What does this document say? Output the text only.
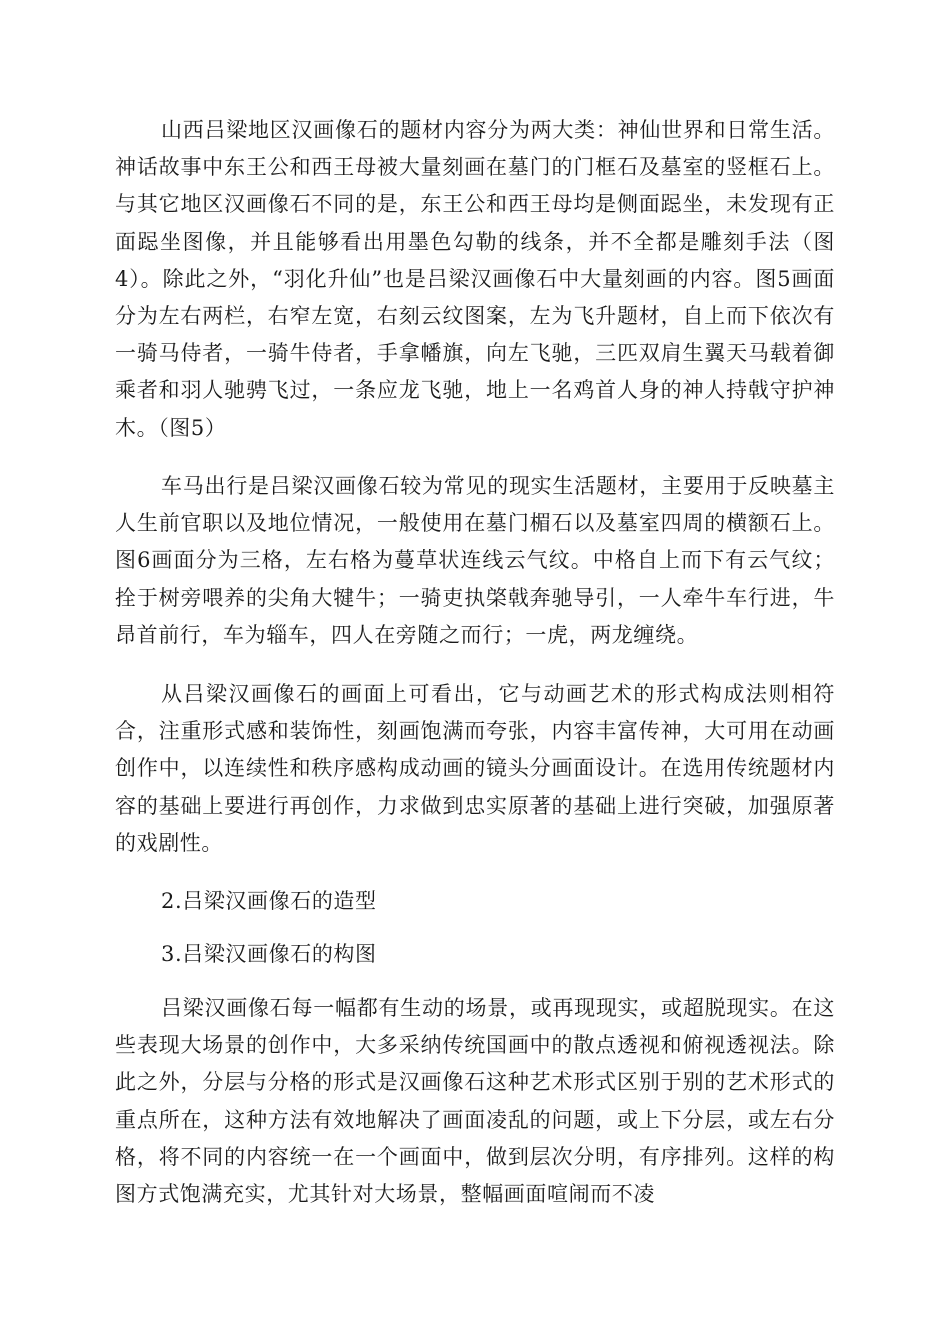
山西吕梁地区汉画像石的题材内容分为两大类：神仙世界和日常生活。神话故事中东王公和西王母被大量刻画在墓门的门框石及墓室的竖框石上。与其它地区汉画像石不同的是，东王公和西王母均是侧面跽坐，未发现有正面跽坐图像，并且能够看出用墨色勾勒的线条，并不全都是雕刻手法（图4）。除此之外，“羽化升仙”也是吕梁汉画像石中大量刻画的内容。图5画面分为左右两栏，右窄左宽，右刻云纹图案，左为飞升题材，自上而下依次有一骑马侍者，一骑牛侍者，手拿幡旗，向左飞驰，三匹双肩生翼天马载着御乘者和羽人驰骋飞过，一条应龙飞驰，地上一名鸡首人身的神人持戟守护神木。（图5）

车马出行是吕梁汉画像石较为常见的现实生活题材，主要用于反映墓主人生前官职以及地位情况，一般使用在墓门楣石以及墓室四周的横额石上。图6画面分为三格，左右格为蔓草状连线云气纹。中格自上而下有云气纹；拴于树旁喂养的尖角大犍牛；一骑吏执棨戟奔驰导引，一人牵牛车行进，牛昂首前行，车为辎车，四人在旁随之而行；一虎，两龙缠绕。

从吕梁汉画像石的画面上可看出，它与动画艺术的形式构成法则相符合，注重形式感和装饰性，刻画饱满而夸张，内容丰富传神，大可用在动画创作中，以连续性和秩序感构成动画的镜头分画面设计。在选用传统题材内容的基础上要进行再创作，力求做到忠实原著的基础上进行突破，加强原著的戏剧性。

2.吕梁汉画像石的造型

3.吕梁汉画像石的构图

吕梁汉画像石每一幅都有生动的场景，或再现现实，或超脱现实。在这些表现大场景的创作中，大多采纳传统国画中的散点透视和俯视透视法。除此之外，分层与分格的形式是汉画像石这种艺术形式区别于别的艺术形式的重点所在，这种方法有效地解决了画面凌乱的问题，或上下分层，或左右分格，将不同的内容统一在一个画面中，做到层次分明，有序排列。这样的构图方式饱满充实，尤其针对大场景，整幅画面喧闹而不凌
